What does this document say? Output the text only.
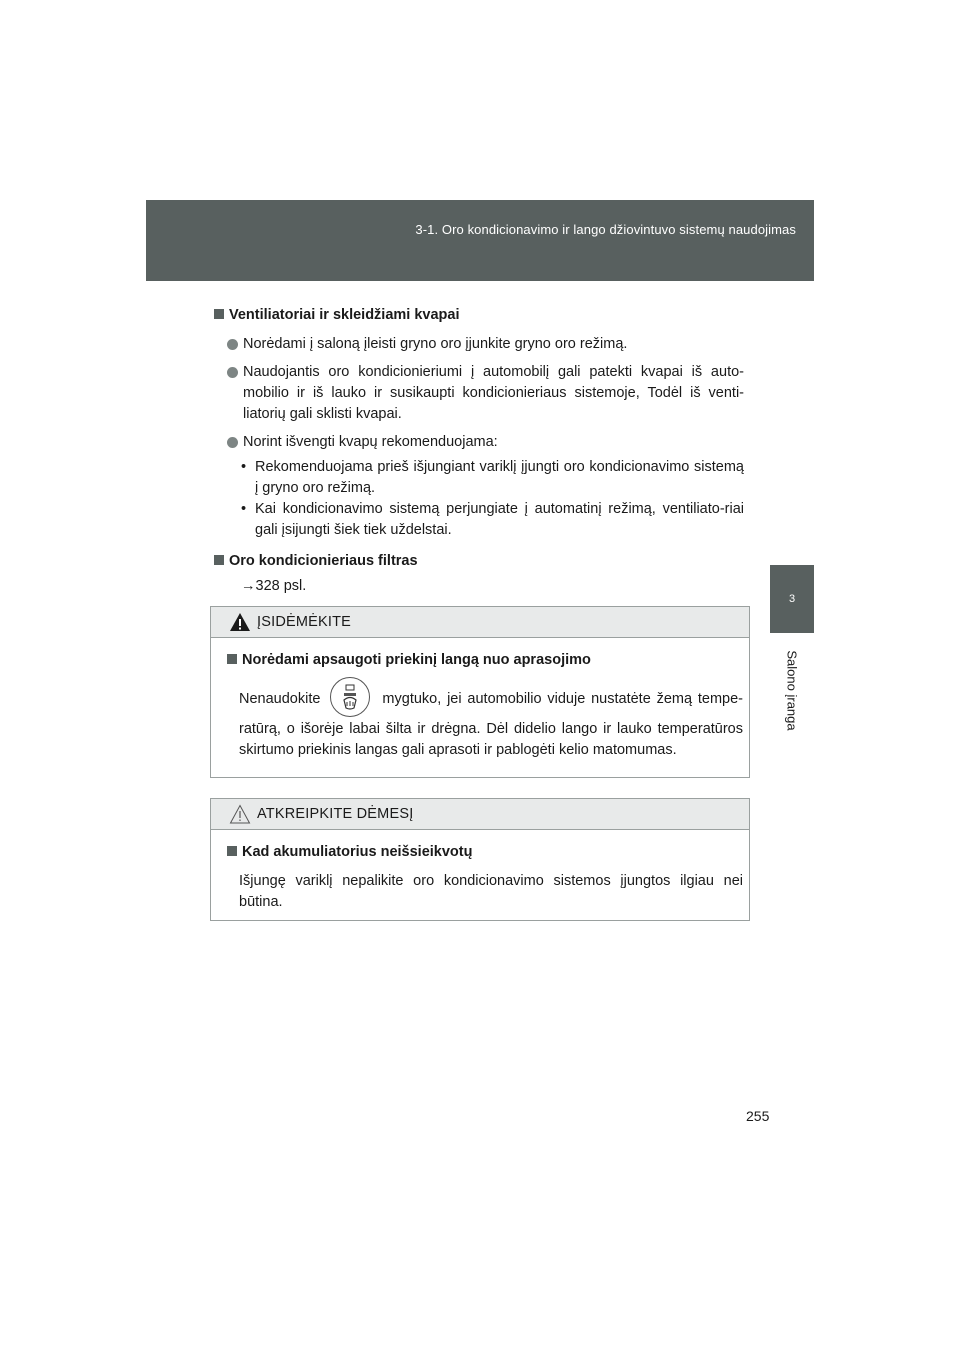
3-1. Oro kondicionavimo ir lango džiovintuvo sistemų naudojimas
3
Salono įranga
Ventiliatoriai ir skleidžiami kvapai
Norėdami į saloną įleisti gryno oro įjunkite gryno oro režimą.
Naudojantis oro kondicionieriumi į automobilį gali patekti kvapai iš auto-mobilio ir iš lauko ir susikaupti kondicionieriaus sistemoje, Todėl iš venti-liatorių gali sklisti kvapai.
Norint išvengti kvapų rekomenduojama:
• Rekomenduojama prieš išjungiant variklį įjungti oro kondicionavimo sistemą į gryno oro režimą.
• Kai kondicionavimo sistemą perjungiate į automatinį režimą, ventiliato-riai gali įsijungti šiek tiek uždelstai.
Oro kondicionieriaus filtras
→328 psl.
ĮSIDĖMĖKITE
Norėdami apsaugoti priekinį langą nuo aprasojimo

Nenaudokite	mygtuko, jei automobilio viduje nustatėte žemą tempe-ratūrą, o išorėje labai šilta ir drėgna. Dėl didelio lango ir lauko temperatūros skirtumo priekinis langas gali aprasoti ir pablogėti kelio matomumas.

ATKREIPKITE DĖMESĮ
Kad akumuliatorius neišsieikvotų

Išjungę variklį nepalikite oro kondicionavimo sistemos įjungtos ilgiau nei būtina.

255
